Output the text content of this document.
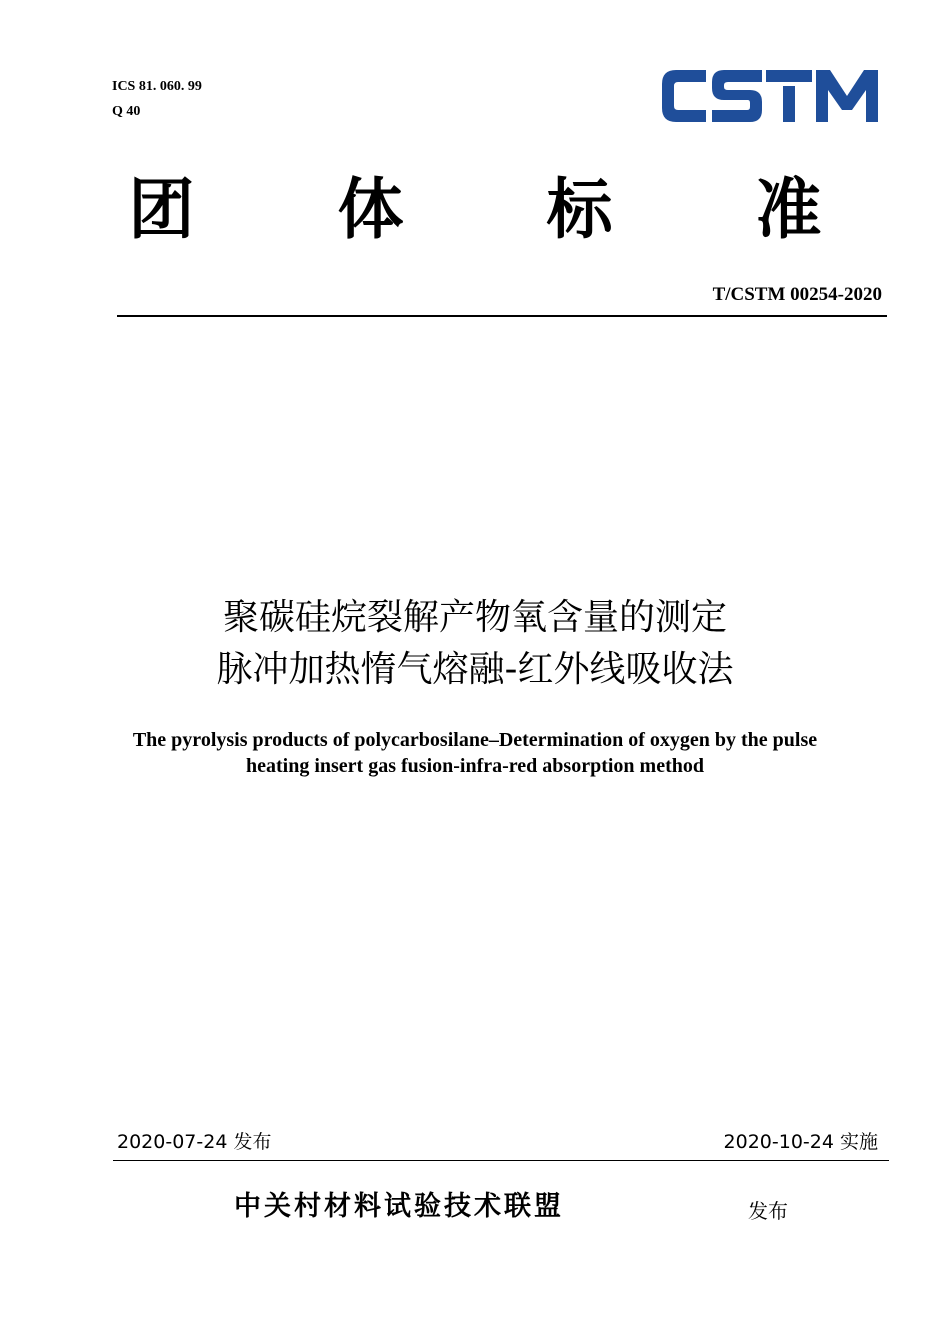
ICS 81. 060. 99
Q 40
团 体 标 准
T/CSTM 00254-2020
聚碳硅烷裂解产物氧含量的测定
脉冲加热惰气熔融-红外线吸收法
The pyrolysis products of polycarbosilane–Determination of oxygen by the pulse
heating insert gas fusion-infra-red absorption method
2020-07-24 发布	2020-10-24 实施
中关村材料试验技术联盟	发布
